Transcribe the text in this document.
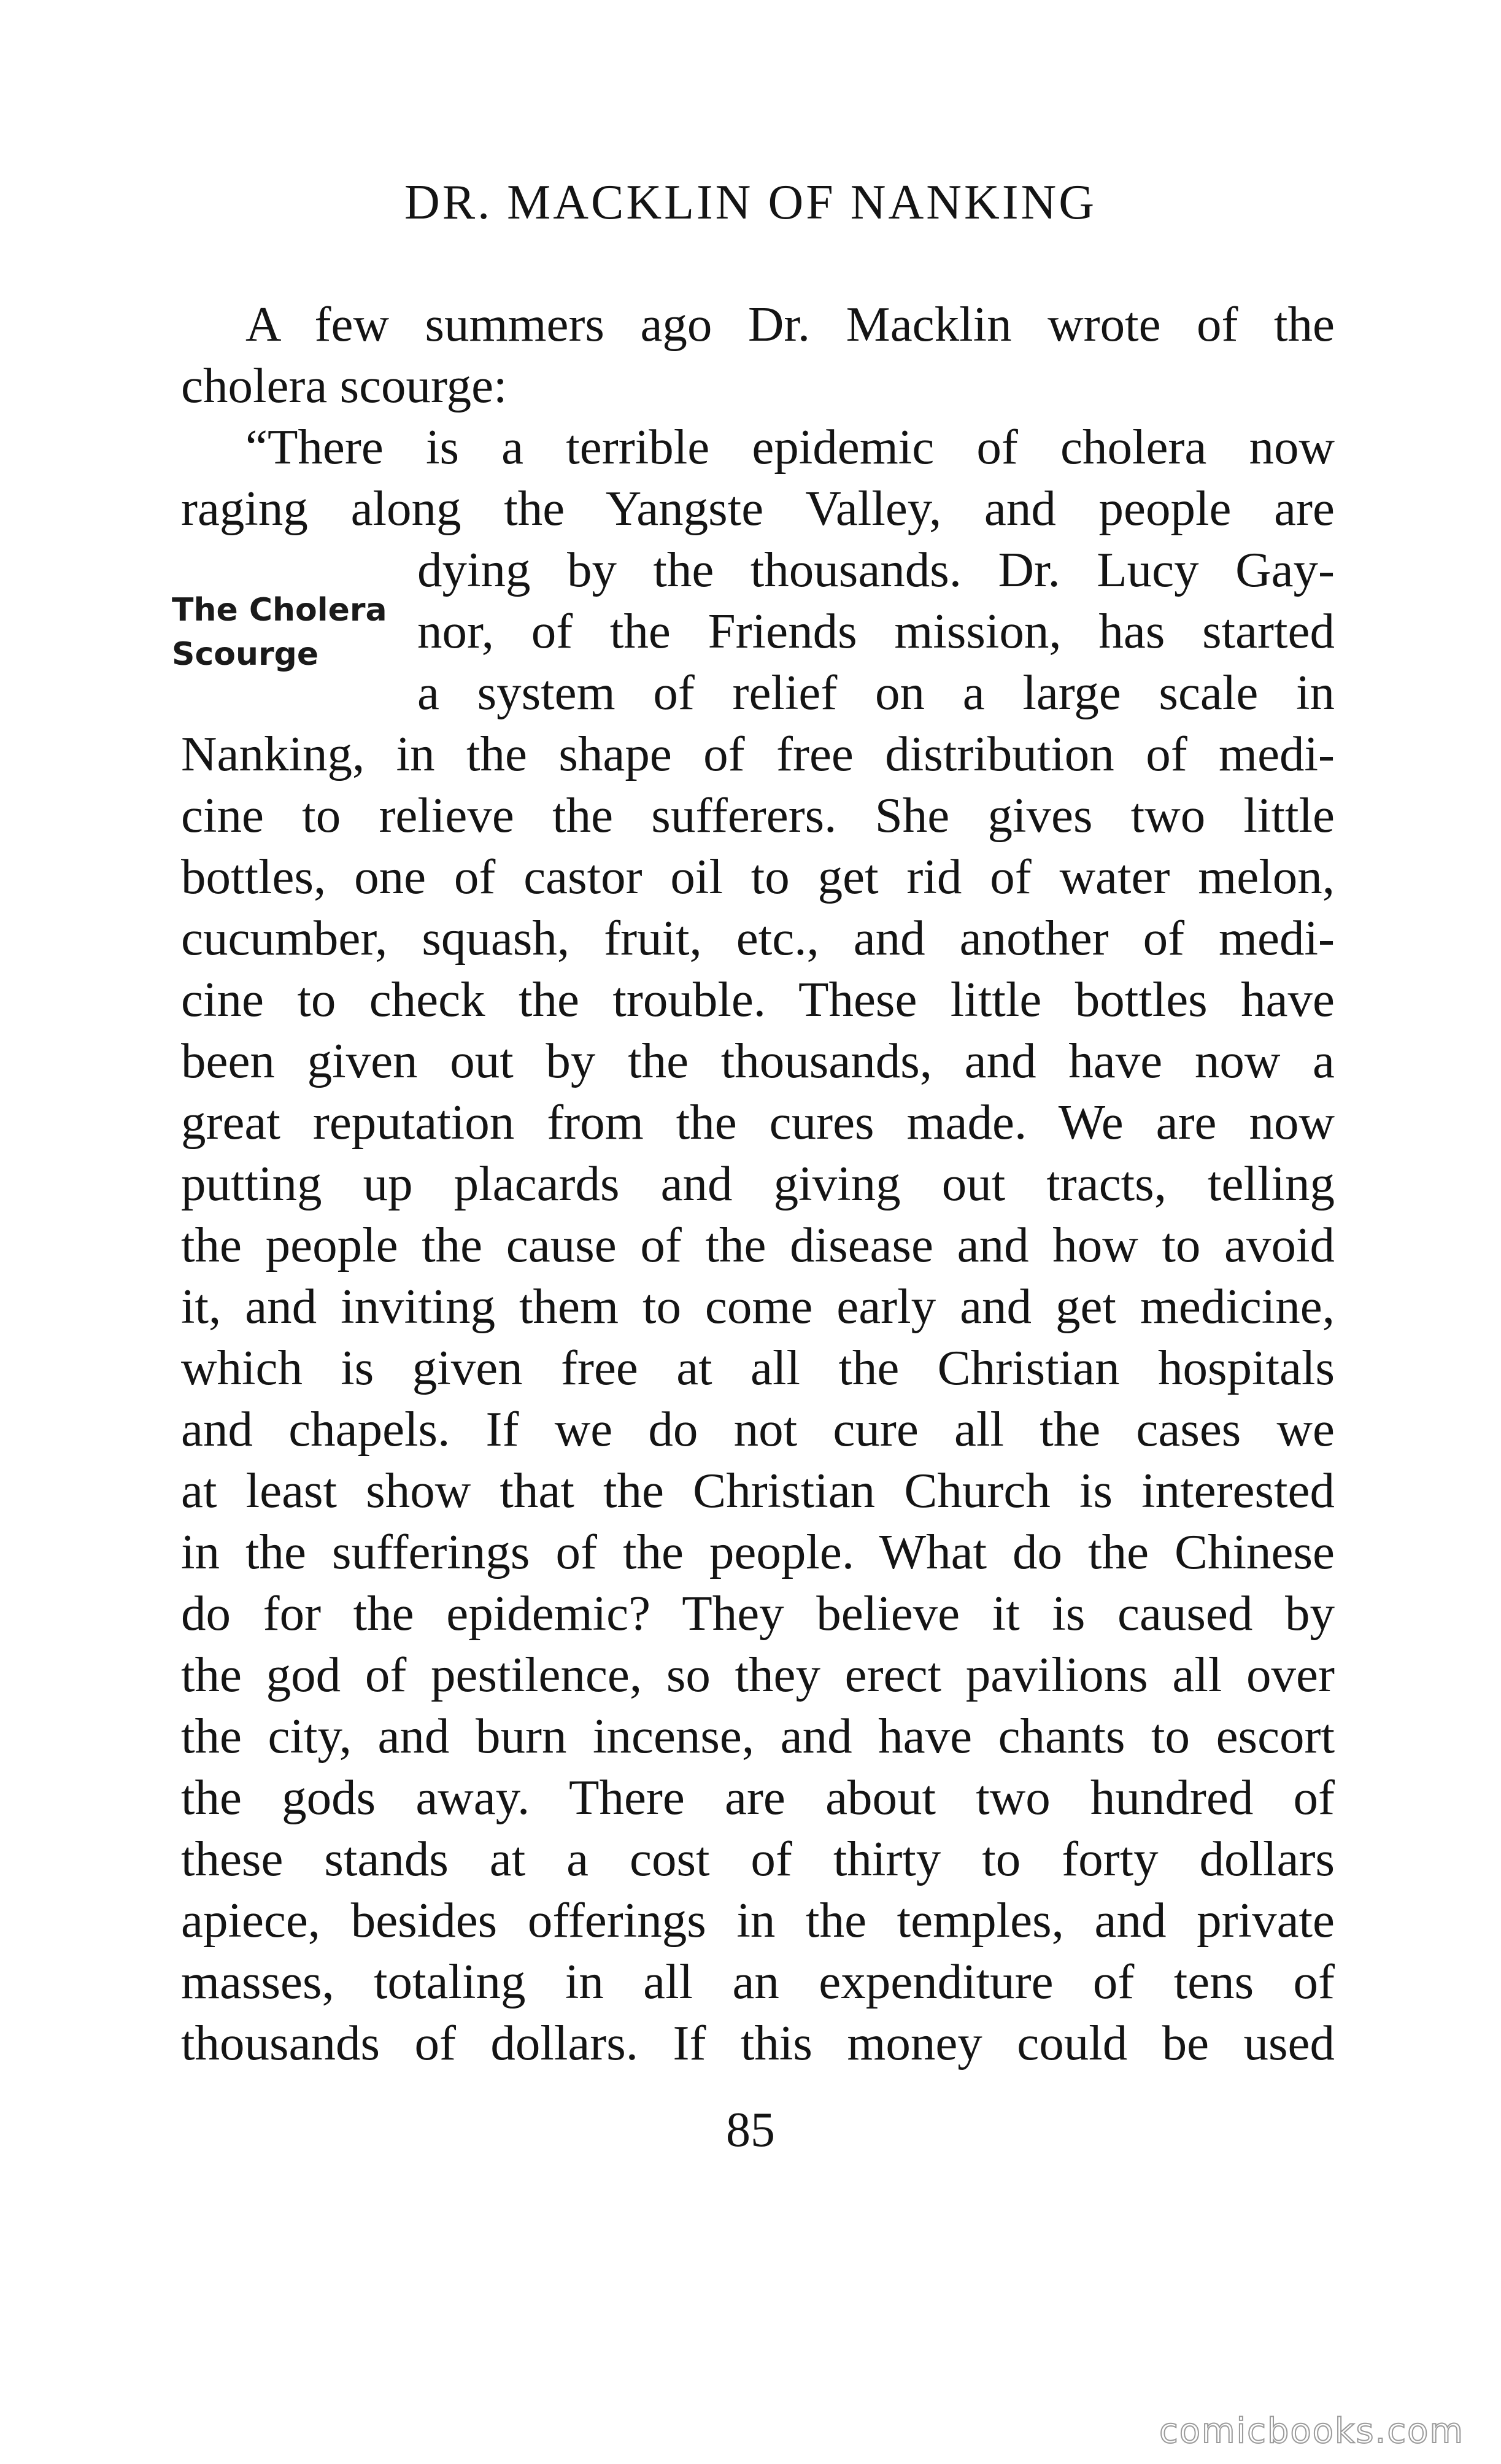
DR. MACKLIN OF NANKING
The Cholera
Scourge
A few summers ago Dr. Macklin wrote of the
cholera scourge:
“There is a terrible epidemic of cholera now
raging along the Yangste Valley, and people are
dying by the thousands. Dr. Lucy Gay-
nor, of the Friends mission, has started
a system of relief on a large scale in
Nanking, in the shape of free distribution of medi-
cine to relieve the sufferers. She gives two little
bottles, one of castor oil to get rid of water melon,
cucumber, squash, fruit, etc., and another of medi-
cine to check the trouble. These little bottles have
been given out by the thousands, and have now a
great reputation from the cures made. We are now
putting up placards and giving out tracts, telling
the people the cause of the disease and how to avoid
it, and inviting them to come early and get medicine,
which is given free at all the Christian hospitals
and chapels. If we do not cure all the cases we
at least show that the Christian Church is interested
in the sufferings of the people. What do the Chinese
do for the epidemic? They believe it is caused by
the god of pestilence, so they erect pavilions all over
the city, and burn incense, and have chants to escort
the gods away. There are about two hundred of
these stands at a cost of thirty to forty dollars
apiece, besides offerings in the temples, and private
masses, totaling in all an expenditure of tens of
thousands of dollars. If this money could be used
85
comicbooks.com
